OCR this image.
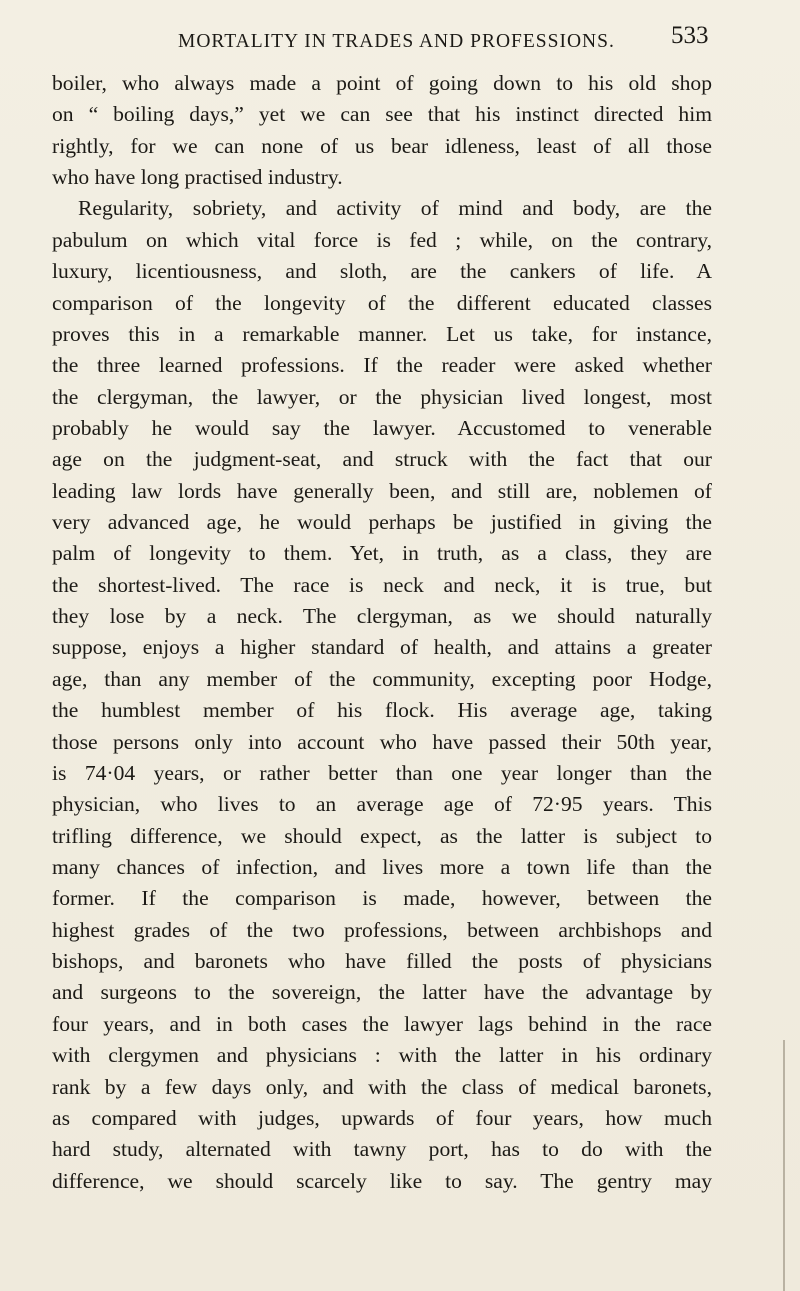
MORTALITY IN TRADES AND PROFESSIONS. 533
boiler, who always made a point of going down to his old shop
on “ boiling days,” yet we can see that his instinct directed him
rightly, for we can none of us bear idleness, least of all those
who have long practised industry.
Regularity, sobriety, and activity of mind and body, are the
pabulum on which vital force is fed ; while, on the contrary,
luxury, licentiousness, and sloth, are the cankers of life. A
comparison of the longevity of the different educated classes
proves this in a remarkable manner. Let us take, for instance,
the three learned professions. If the reader were asked whether
the clergyman, the lawyer, or the physician lived longest, most
probably he would say the lawyer. Accustomed to venerable
age on the judgment-seat, and struck with the fact that our
leading law lords have generally been, and still are, noblemen of
very advanced age, he would perhaps be justified in giving the
palm of longevity to them. Yet, in truth, as a class, they are
the shortest-lived. The race is neck and neck, it is true, but
they lose by a neck. The clergyman, as we should naturally
suppose, enjoys a higher standard of health, and attains a greater
age, than any member of the community, excepting poor Hodge,
the humblest member of his flock. His average age, taking
those persons only into account who have passed their 50th year,
is 74·04 years, or rather better than one year longer than the
physician, who lives to an average age of 72·95 years. This
trifling difference, we should expect, as the latter is subject to
many chances of infection, and lives more a town life than the
former. If the comparison is made, however, between the
highest grades of the two professions, between archbishops and
bishops, and baronets who have filled the posts of physicians
and surgeons to the sovereign, the latter have the advantage by
four years, and in both cases the lawyer lags behind in the race
with clergymen and physicians : with the latter in his ordinary
rank by a few days only, and with the class of medical baronets,
as compared with judges, upwards of four years, how much
hard study, alternated with tawny port, has to do with the
difference, we should scarcely like to say. The gentry may
